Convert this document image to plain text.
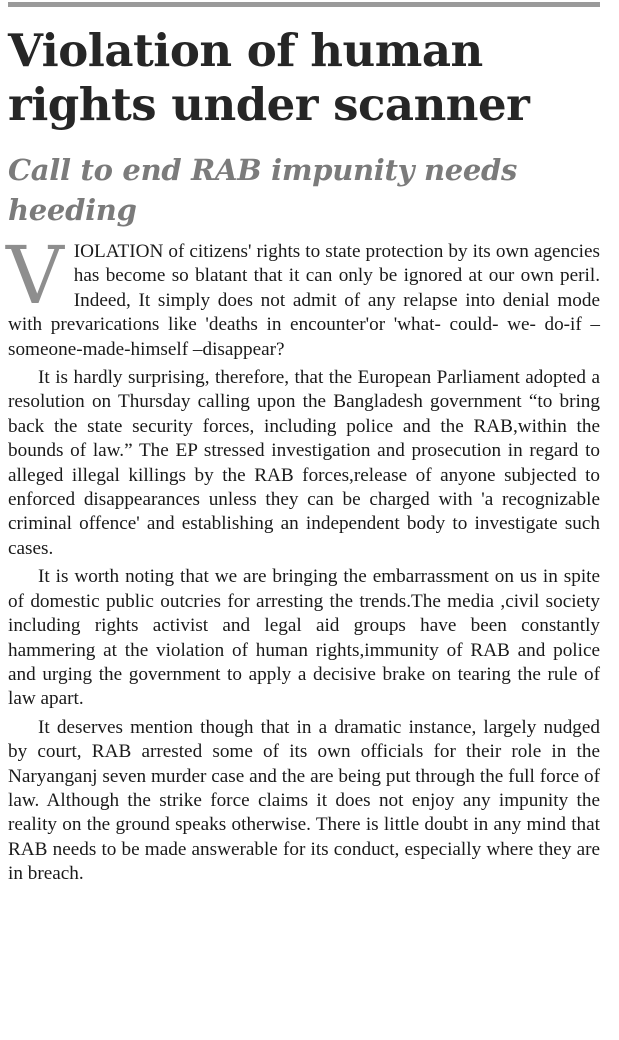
Violation of human rights under scanner
Call to end RAB impunity needs heeding

VIOLATION of citizens' rights to state protection by its own agencies has become so blatant that it can only be ignored at our own peril. Indeed, It simply does not admit of any relapse into denial mode with prevarications like 'deaths in encounter'or 'what- could- we- do-if –someone-made-himself –disappear?

It is hardly surprising, therefore, that the European Parliament adopted a resolution on Thursday calling upon the Bangladesh government “to bring back the state security forces, including police and the RAB,within the bounds of law.” The EP stressed investigation and prosecution in regard to alleged illegal killings by the RAB forces,release of anyone subjected to enforced disappearances unless they can be charged with 'a recognizable criminal offence' and establishing an independent body to investigate such cases.

It is worth noting that we are bringing the embarrassment on us in spite of domestic public outcries for arresting the trends.The media ,civil society including rights activist and legal aid groups have been constantly hammering at the violation of human rights,immunity of RAB and police and urging the government to apply a decisive brake on tearing the rule of law apart.

It deserves mention though that in a dramatic instance, largely nudged by court, RAB arrested some of its own officials for their role in the Naryanganj seven murder case and the are being put through the full force of law. Although the strike force claims it does not enjoy any impunity the reality on the ground speaks otherwise. There is little doubt in any mind that RAB needs to be made answerable for its conduct, especially where they are in breach.
